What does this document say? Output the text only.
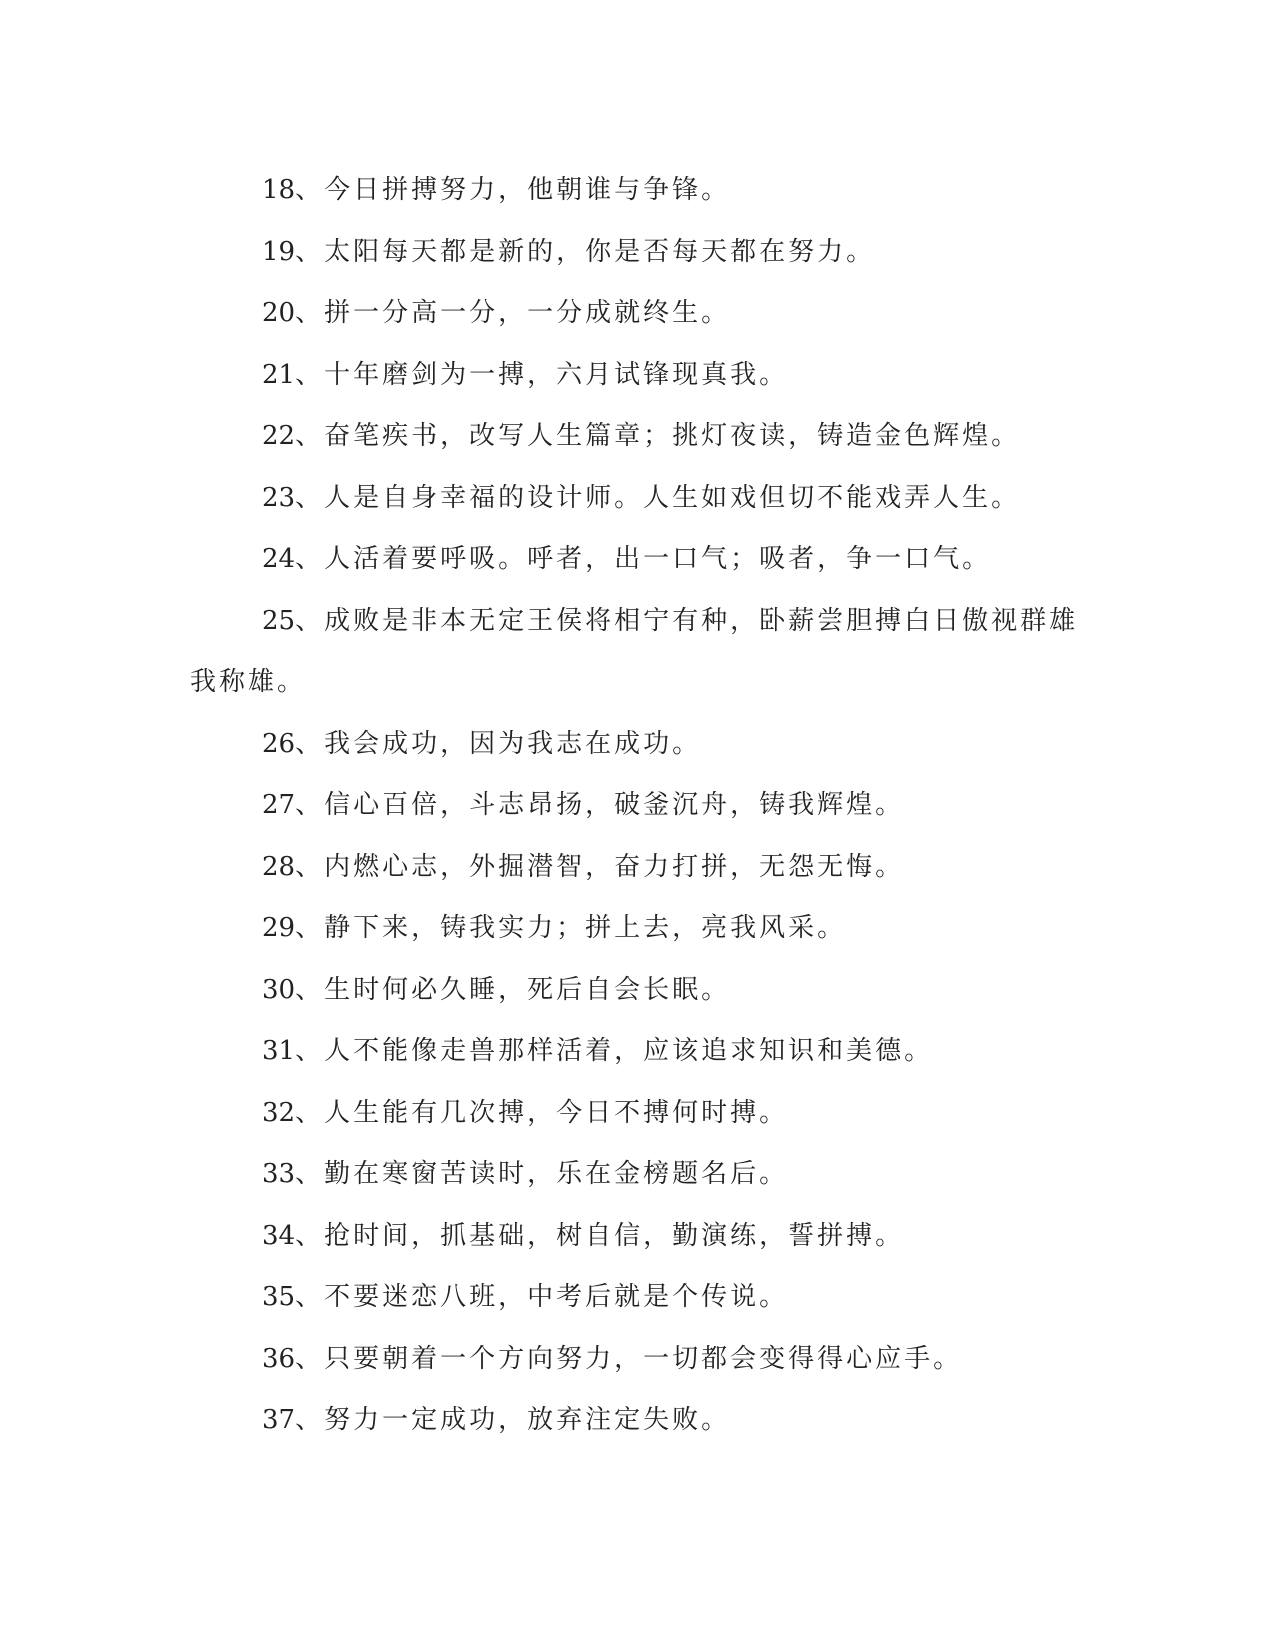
18、今日拼搏努力，他朝谁与争锋。

19、太阳每天都是新的，你是否每天都在努力。

20、拼一分高一分，一分成就终生。

21、十年磨剑为一搏，六月试锋现真我。

22、奋笔疾书，改写人生篇章；挑灯夜读，铸造金色辉煌。

23、人是自身幸福的设计师。人生如戏但切不能戏弄人生。

24、人活着要呼吸。呼者，出一口气；吸者，争一口气。

25、成败是非本无定王侯将相宁有种，卧薪尝胆搏白日傲视群雄我称雄。

26、我会成功，因为我志在成功。

27、信心百倍，斗志昂扬，破釜沉舟，铸我辉煌。

28、内燃心志，外掘潜智，奋力打拼，无怨无悔。

29、静下来，铸我实力；拼上去，亮我风采。

30、生时何必久睡，死后自会长眠。

31、人不能像走兽那样活着，应该追求知识和美德。

32、人生能有几次搏，今日不搏何时搏。

33、勤在寒窗苦读时，乐在金榜题名后。

34、抢时间，抓基础，树自信，勤演练，誓拼搏。

35、不要迷恋八班，中考后就是个传说。

36、只要朝着一个方向努力，一切都会变得得心应手。

37、努力一定成功，放弃注定失败。
